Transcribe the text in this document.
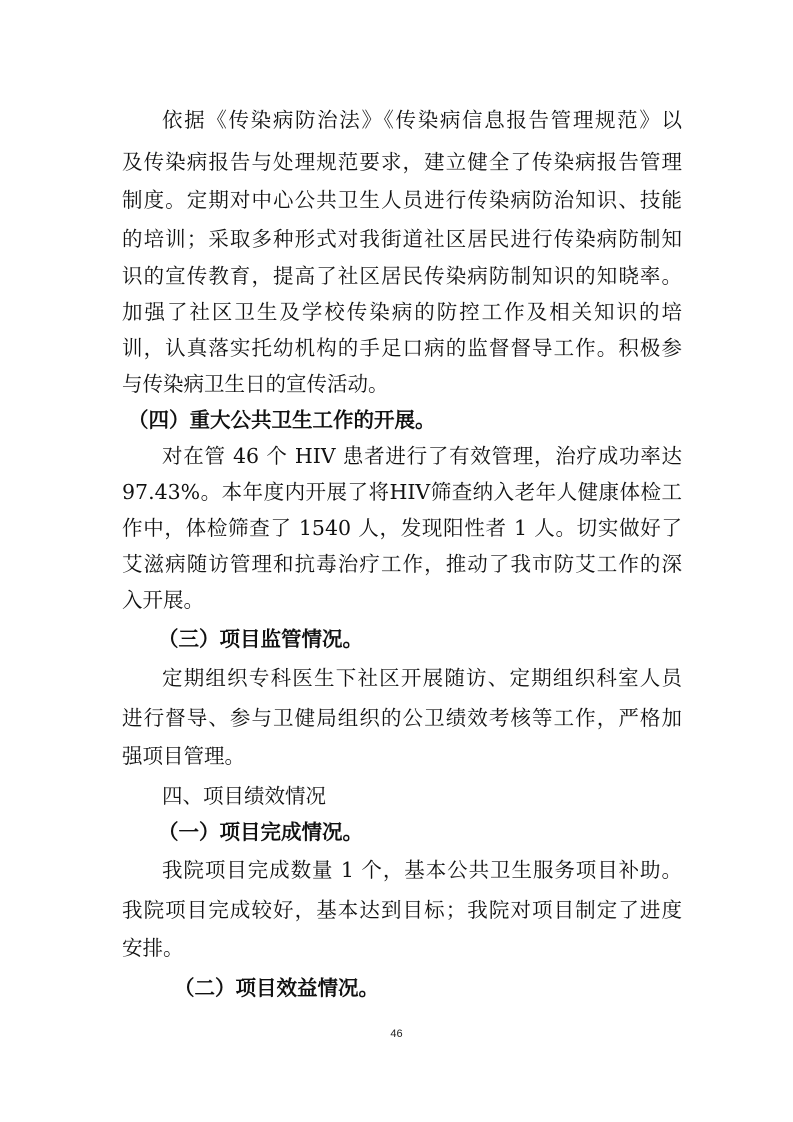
依据《传染病防治法》《传染病信息报告管理规范》以
及传染病报告与处理规范要求，建立健全了传染病报告管理
制度。定期对中心公共卫生人员进行传染病防治知识、技能
的培训；采取多种形式对我街道社区居民进行传染病防制知
识的宣传教育，提高了社区居民传染病防制知识的知晓率。
加强了社区卫生及学校传染病的防控工作及相关知识的培
训，认真落实托幼机构的手足口病的监督督导工作。积极参
与传染病卫生日的宣传活动。
（四）重大公共卫生工作的开展。
对在管 46 个 HIV 患者进行了有效管理，治疗成功率达
97.43%。本年度内开展了将HIV筛查纳入老年人健康体检工
作中，体检筛查了 1540 人，发现阳性者 1 人。切实做好了
艾滋病随访管理和抗毒治疗工作，推动了我市防艾工作的深
入开展。
（三）项目监管情况。
定期组织专科医生下社区开展随访、定期组织科室人员
进行督导、参与卫健局组织的公卫绩效考核等工作，严格加
强项目管理。
四、项目绩效情况
（一）项目完成情况。
我院项目完成数量 1 个，基本公共卫生服务项目补助。
我院项目完成较好，基本达到目标；我院对项目制定了进度
安排。
（二）项目效益情况。
46
